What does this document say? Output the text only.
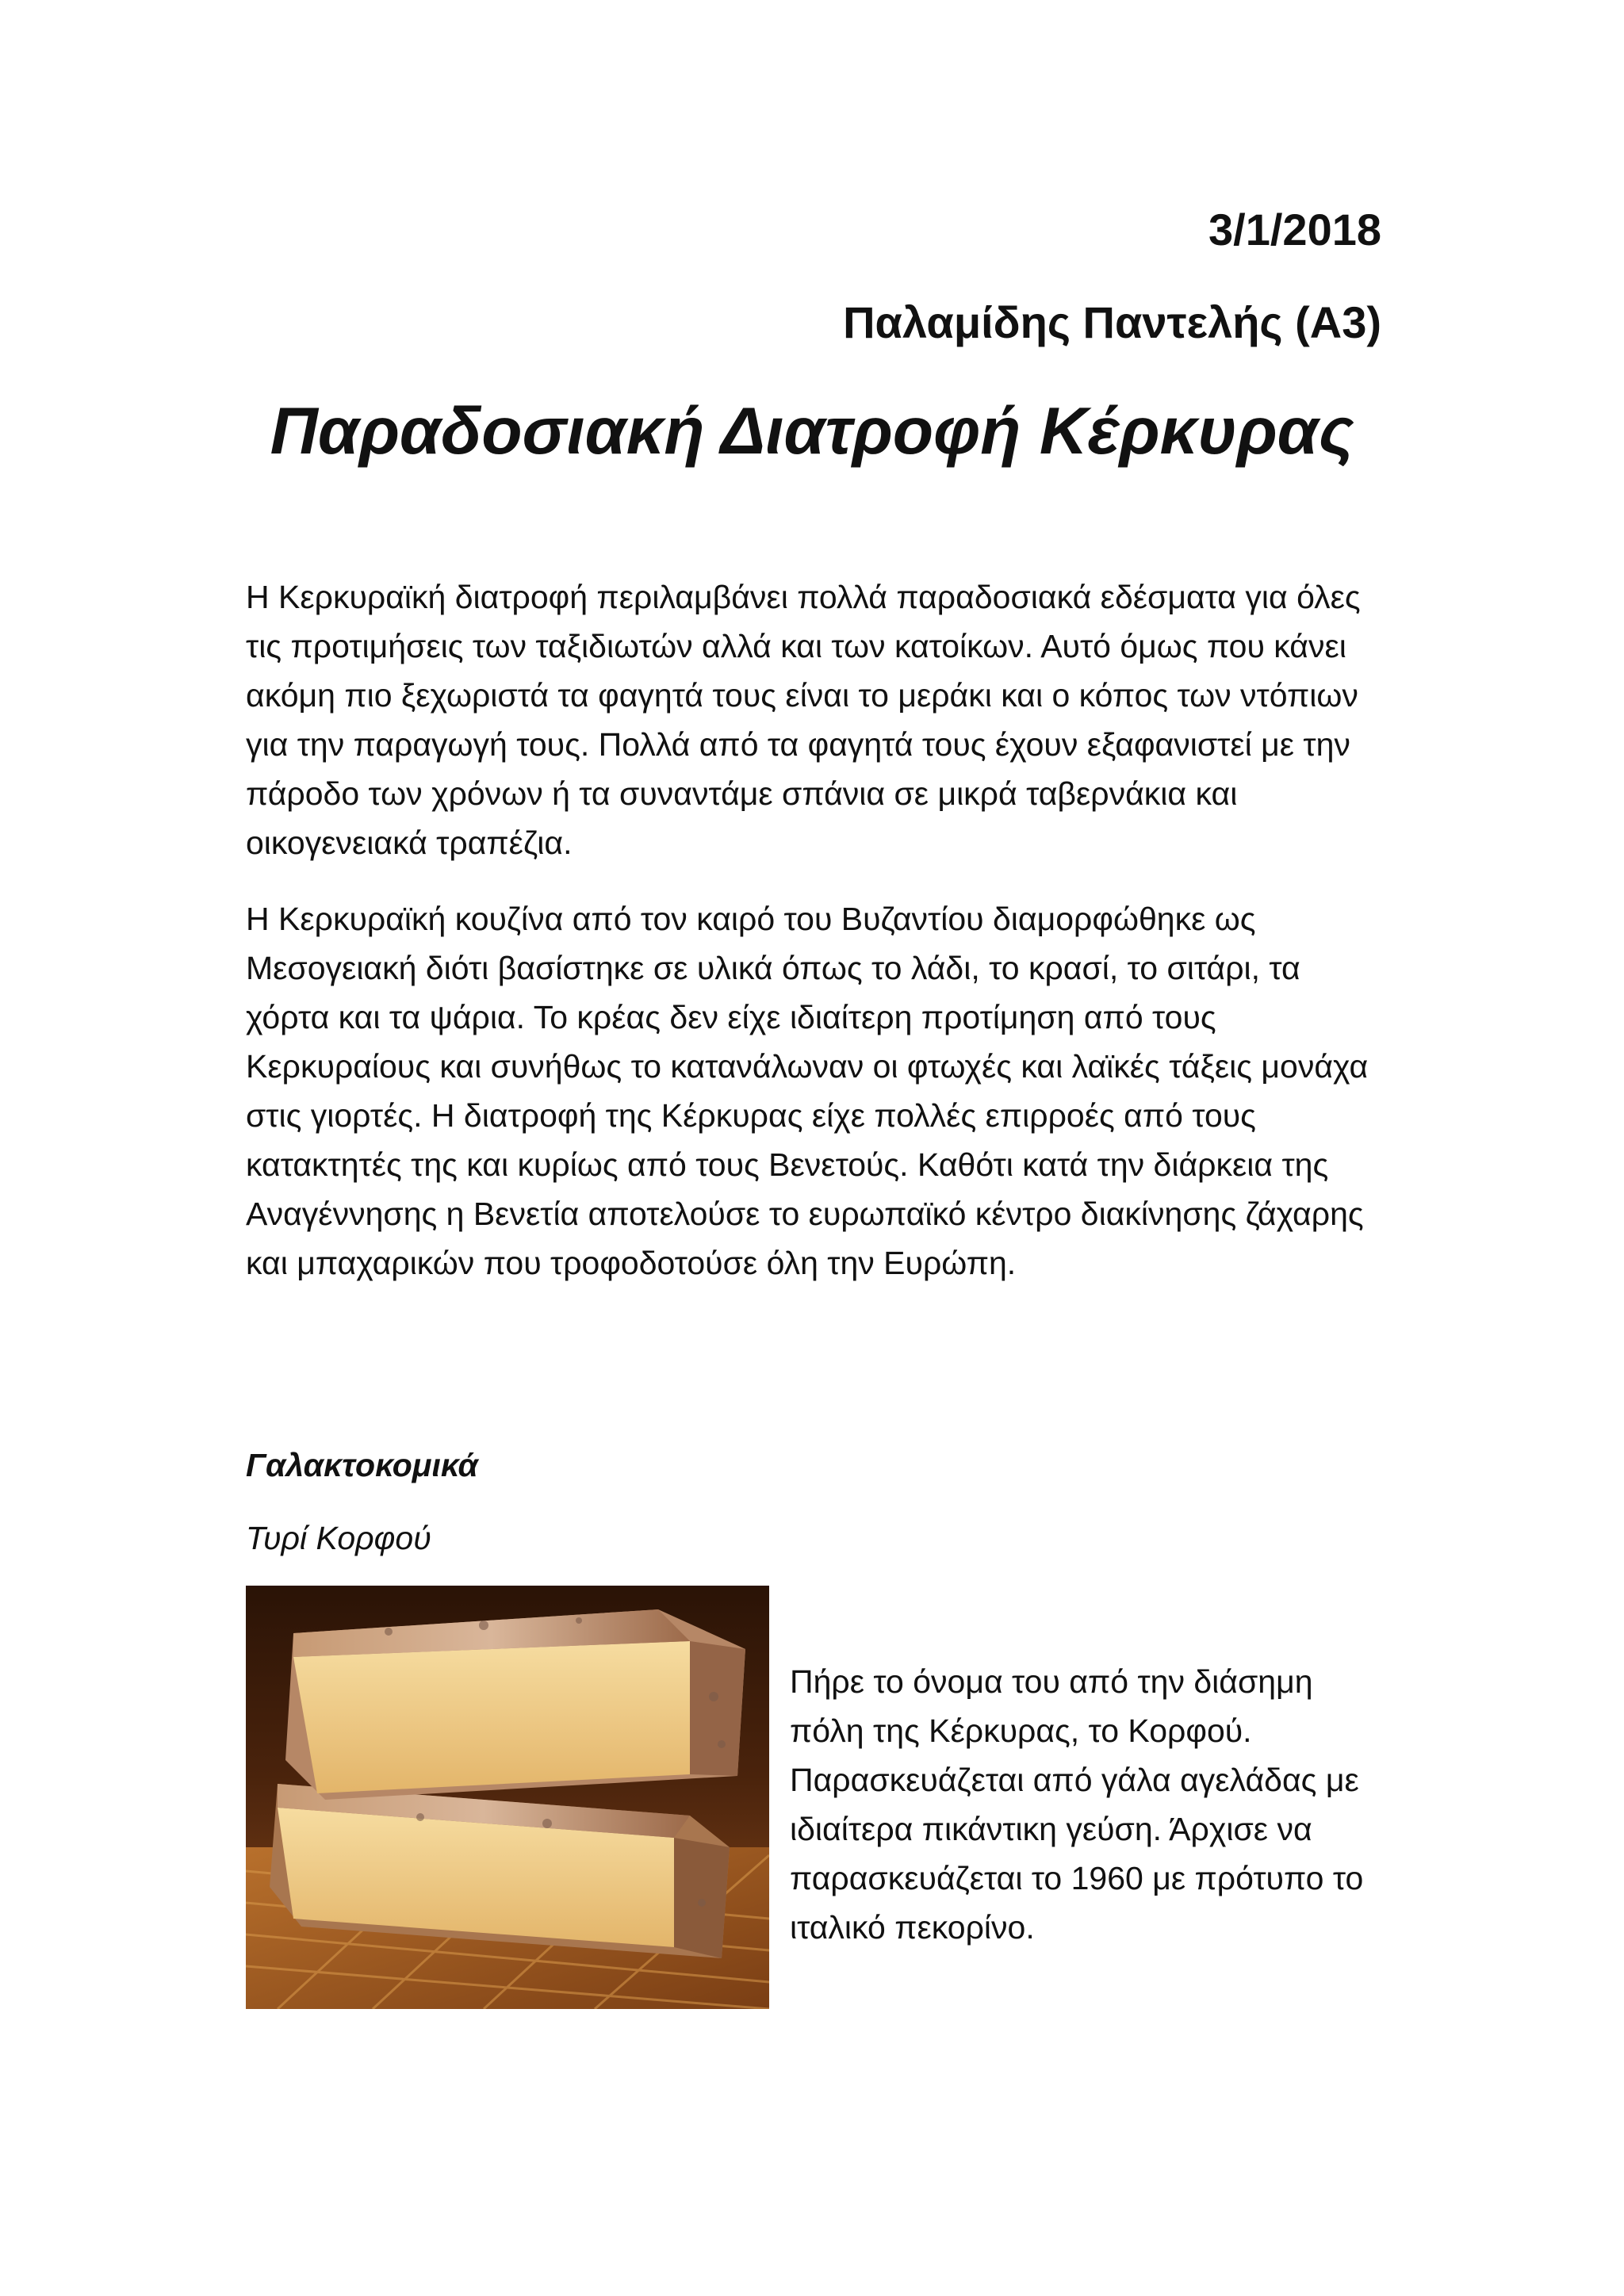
3/1/2018
Παλαμίδης Παντελής (Α3)
Παραδοσιακή Διατροφή Κέρκυρας

Η Κερκυραϊκή διατροφή περιλαμβάνει πολλά παραδοσιακά εδέσματα για όλες τις προτιμήσεις των ταξιδιωτών αλλά και των κατοίκων. Αυτό όμως που κάνει ακόμη πιο ξεχωριστά τα φαγητά τους είναι το μεράκι και ο κόπος των ντόπιων για την παραγωγή τους. Πολλά από τα φαγητά τους έχουν εξαφανιστεί με την πάροδο των χρόνων ή τα συναντάμε σπάνια σε μικρά ταβερνάκια και οικογενειακά τραπέζια.

Η Κερκυραϊκή κουζίνα από τον καιρό του Βυζαντίου διαμορφώθηκε ως Μεσογειακή διότι βασίστηκε σε υλικά όπως το λάδι, το κρασί, το σιτάρι, τα χόρτα και τα ψάρια. Το κρέας δεν είχε ιδιαίτερη προτίμηση από τους Κερκυραίους και συνήθως το κατανάλωναν οι φτωχές και λαϊκές τάξεις μονάχα στις γιορτές. Η διατροφή της Κέρκυρας είχε πολλές επιρροές από τους κατακτητές της και κυρίως από τους Βενετούς. Καθότι κατά την διάρκεια της Αναγέννησης η Βενετία αποτελούσε το ευρωπαϊκό κέντρο διακίνησης ζάχαρης και μπαχαρικών που τροφοδοτούσε όλη την Ευρώπη.

Γαλακτοκομικά
Τυρί Κορφού

Πήρε το όνομα του από την διάσημη πόλη της Κέρκυρας, το Κορφού. Παρασκευάζεται από γάλα αγελάδας με ιδιαίτερα πικάντικη γεύση. Άρχισε να παρασκευάζεται το 1960 με πρότυπο το ιταλικό πεκορίνο.
